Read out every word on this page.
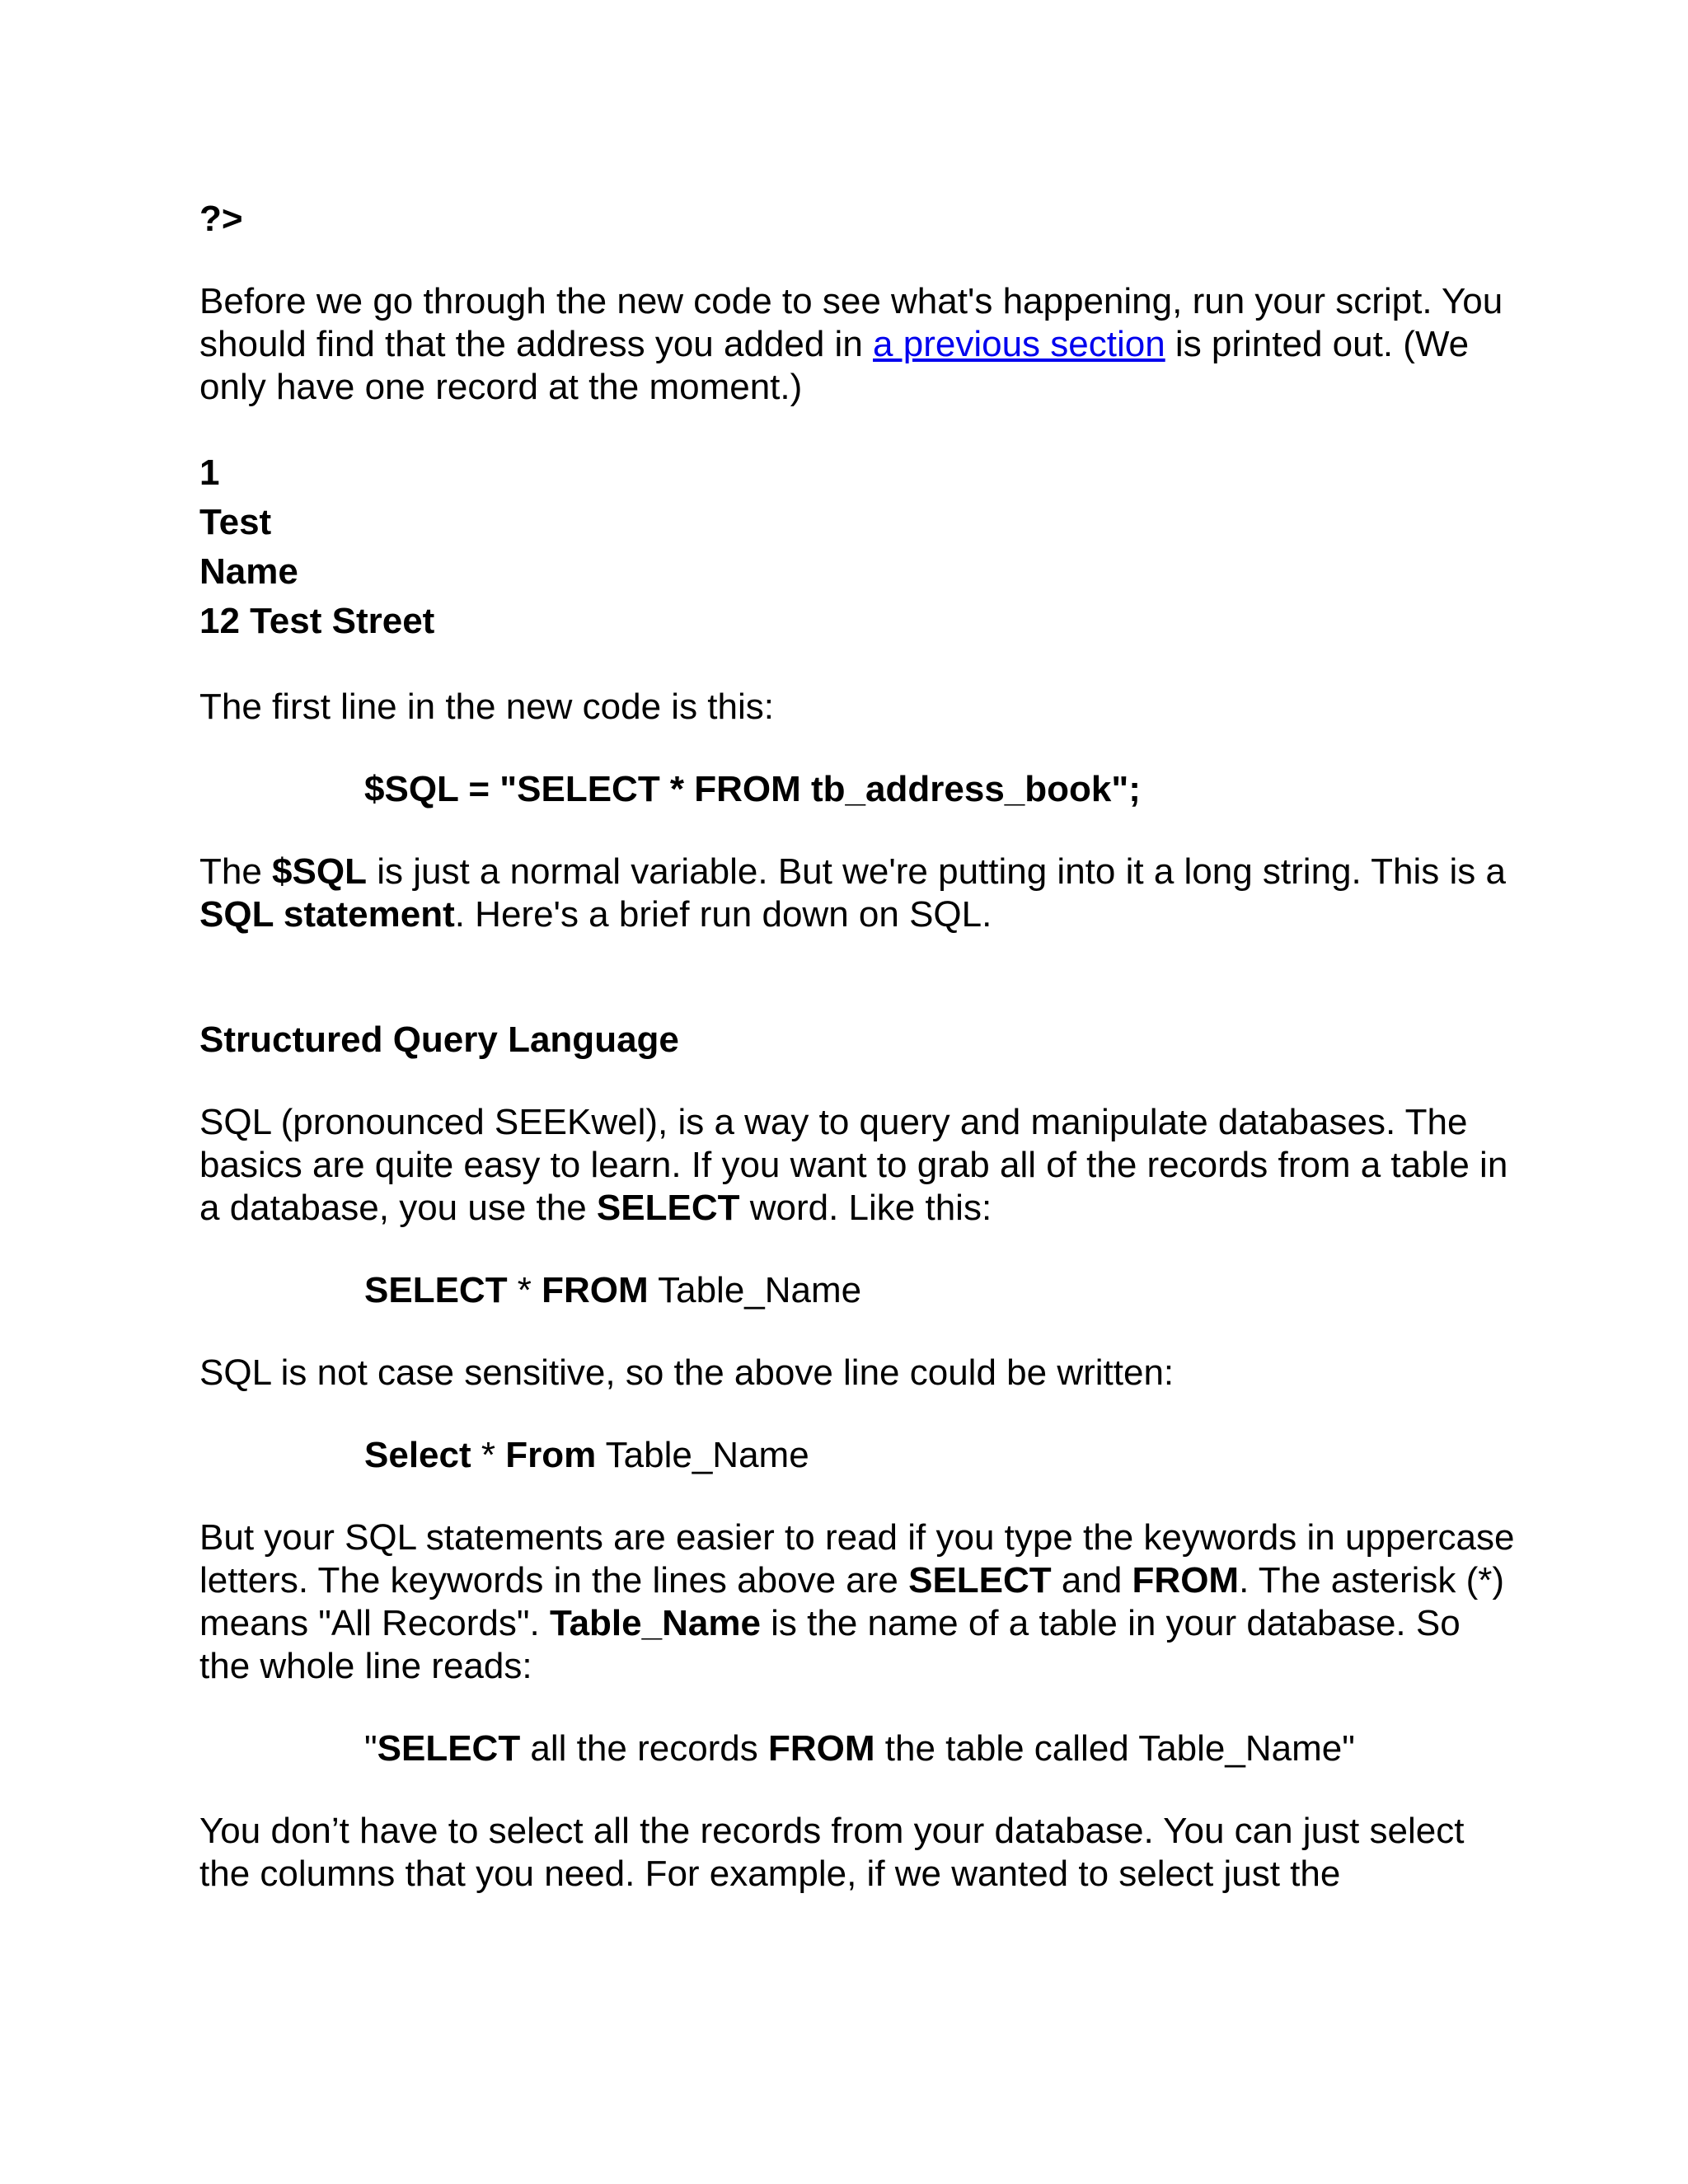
?>

Before we go through the new code to see what's happening, run your script. You should find that the address you added in a previous section is printed out. (We only have one record at the moment.)

1

Test

Name

12 Test Street

The first line in the new code is this:

$SQL = "SELECT * FROM tb_address_book";

The $SQL is just a normal variable. But we're putting into it a long string. This is a SQL statement. Here's a brief run down on SQL.

Structured Query Language

SQL (pronounced SEEKwel), is a way to query and manipulate databases. The basics are quite easy to learn. If you want to grab all of the records from a table in a database, you use the SELECT word. Like this:

SELECT * FROM Table_Name

SQL is not case sensitive, so the above line could be written:

Select * From Table_Name

But your SQL statements are easier to read if you type the keywords in uppercase letters. The keywords in the lines above are SELECT and FROM. The asterisk (*) means "All Records". Table_Name is the name of a table in your database. So the whole line reads:

"SELECT all the records FROM the table called Table_Name"

You don’t have to select all the records from your database. You can just select the columns that you need. For example, if we wanted to select just the
